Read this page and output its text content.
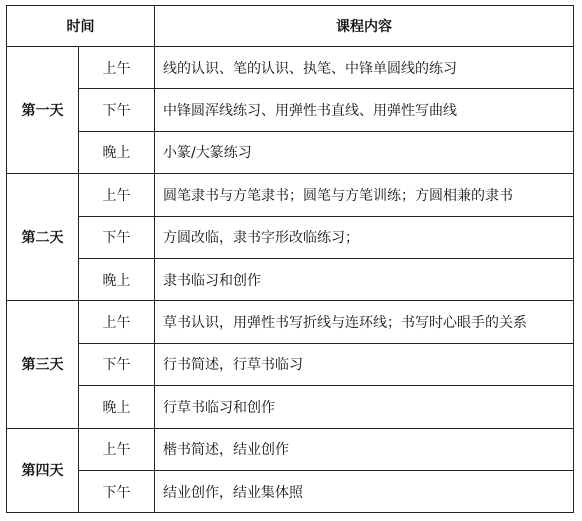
时间		课程内容
第一天	上午	线的认识、笔的认识、执笔、中锋单圆线的练习
	下午	中锋圆浑线练习、用弹性书直线、用弹性写曲线
	晚上	小篆/大篆练习
第二天	上午	圆笔隶书与方笔隶书；圆笔与方笔训练；方圆相兼的隶书
	下午	方圆改临，隶书字形改临练习；
	晚上	隶书临习和创作
第三天	上午	草书认识，用弹性书写折线与连环线；书写时心眼手的关系
	下午	行书简述，行草书临习
	晚上	行草书临习和创作
第四天	上午	楷书简述，结业创作
	下午	结业创作，结业集体照
